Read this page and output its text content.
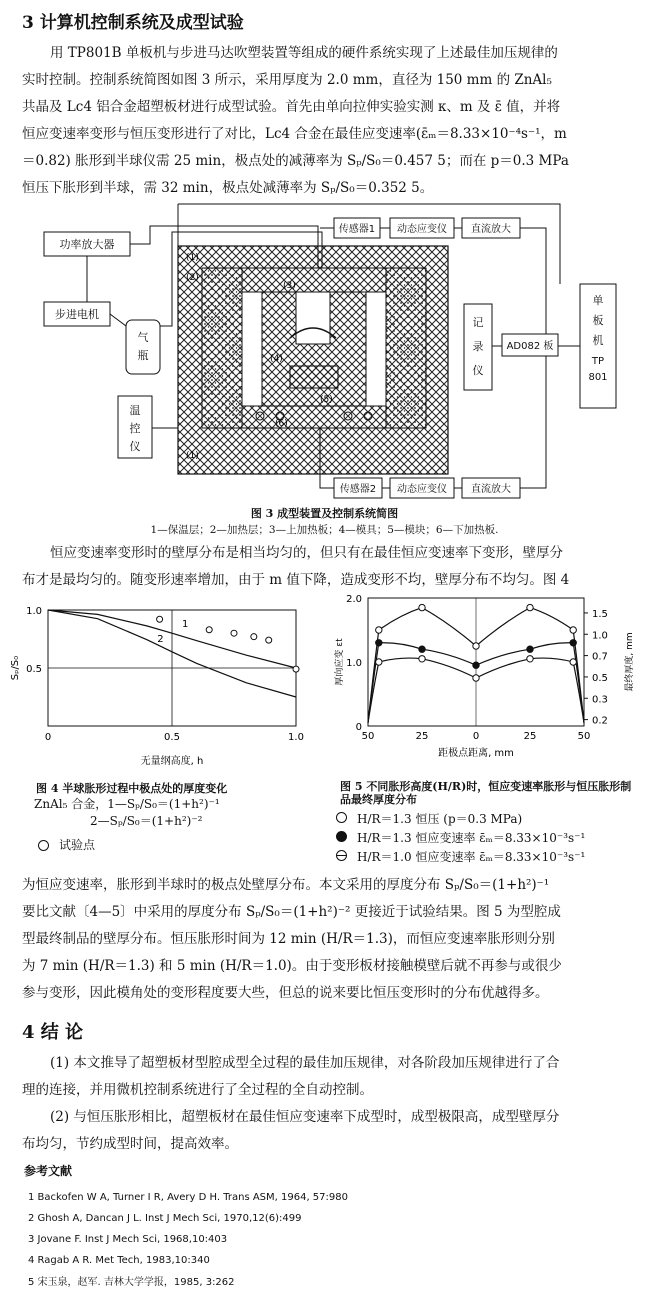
3 计算机控制系统及成型试验
用 TP801B 单板机与步进马达吹塑装置等组成的硬件系统实现了上述最佳加压规律的
实时控制。控制系统简图如图 3 所示，采用厚度为 2.0 mm，直径为 150 mm 的 ZnAl₅
共晶及 Lc4 铝合金超塑板材进行成型试验。首先由单向拉伸实验实测 κ、m 及 ε̄ 值，并将
恒应变速率变形与恒压变形进行了对比，Lc4 合金在最佳应变速率(ε̄ₘ＝8.33×10⁻⁴s⁻¹，m
＝0.82) 胀形到半球仪需 25 min，极点处的减薄率为 Sₚ/S₀＝0.457 5；而在 p＝0.3 MPa
恒压下胀形到半球，需 32 min，极点处减薄率为 Sₚ/S₀＝0.352 5。
(1)
(2)
(3)
(4)
(5)
(6)
(1)
功率放大器
步进电机
气
瓶
温
控
仪
传感器1 动态应变仪 直流放大
记
录
仪
AD082 板
单
板
机
TP
801
传感器2 动态应变仪 直流放大
图 3 成型装置及控制系统简图
1—保温层；2—加热层；3—上加热板；4—模具；5—模块；6—下加热板.
恒应变速率变形时的壁厚分布是相当均匀的，但只有在最佳恒应变速率下变形，壁厚分
布才是最均匀的。随变形速率增加，由于 m 值下降，造成变形不均，壁厚分布不均匀。图 4
0	0.5	1.0
0.5
1.0
无量纲高度, h
Sₚ/S₀
1
2
图 4 半球胀形过程中极点处的厚度变化
ZnAl₅ 合金，1—Sₚ/S₀＝(1+h²)⁻¹
2—Sₚ/S₀＝(1+h²)⁻²
试验点
50	25	0	25	50
0
1.0
2.0
0.2
0.3
0.5
0.7
1.0
1.5
距极点距离, mm
厚向应变 εt	最终厚度, mm
图 5 不同胀形高度(H/R)时，恒应变速率胀形与恒压胀形制品最终厚度分布
H/R＝1.3 恒压 (p＝0.3 MPa)
H/R＝1.3 恒应变速率 ε̄ₘ＝8.33×10⁻³s⁻¹
H/R＝1.0 恒应变速率 ε̄ₘ＝8.33×10⁻³s⁻¹
为恒应变速率，胀形到半球时的极点处壁厚分布。本文采用的厚度分布 Sₚ/S₀＝(1+h²)⁻¹
要比文献〔4—5〕中采用的厚度分布 Sₚ/S₀＝(1+h²)⁻² 更接近于试验结果。图 5 为型腔成
型最终制品的壁厚分布。恒压胀形时间为 12 min (H/R＝1.3)，而恒应变速率胀形则分别
为 7 min (H/R＝1.3) 和 5 min (H/R＝1.0)。由于变形板材接触模壁后就不再参与或很少
参与变形，因此模角处的变形程度要大些，但总的说来要比恒压变形时的分布优越得多。
4 结 论
(1) 本文推导了超塑板材型腔成型全过程的最佳加压规律，对各阶段加压规律进行了合
理的连接，并用微机控制系统进行了全过程的全自动控制。
(2) 与恒压胀形相比，超塑板材在最佳恒应变速率下成型时，成型极限高，成型壁厚分
布均匀，节约成型时间，提高效率。
参考文献
1 Backofen W A, Turner I R, Avery D H. Trans ASM, 1964, 57:980
2 Ghosh A, Dancan J L. Inst J Mech Sci, 1970,12(6):499
3 Jovane F. Inst J Mech Sci, 1968,10:403
4 Ragab A R. Met Tech, 1983,10:340
5 宋玉泉，赵军. 吉林大学学报，1985, 3:262
